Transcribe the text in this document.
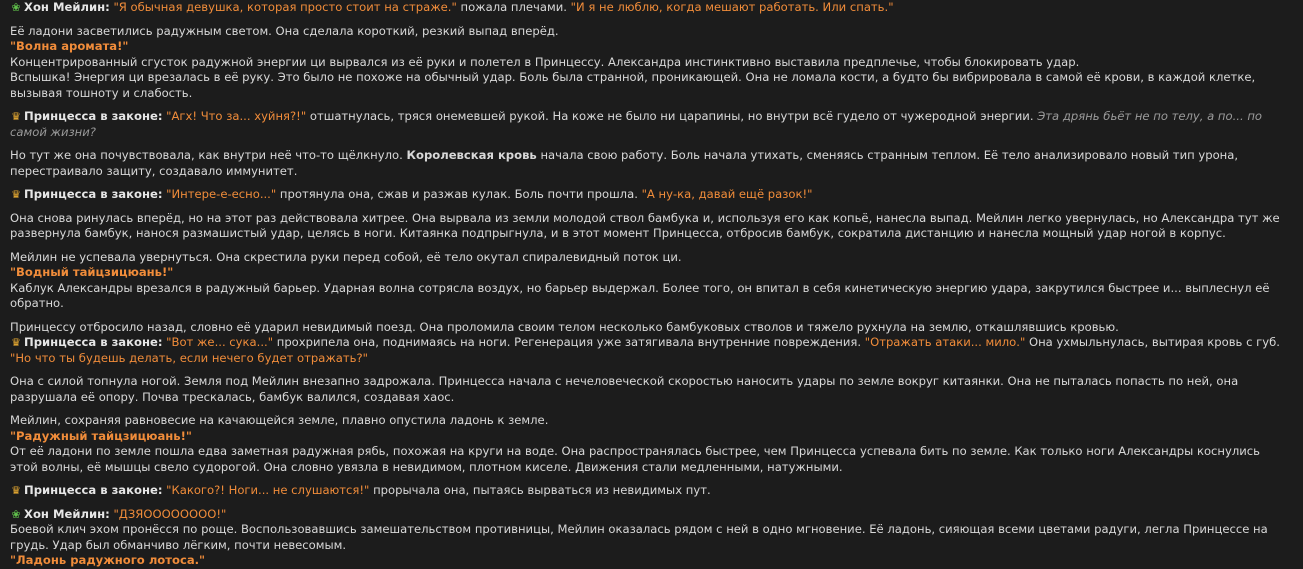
❀ Хон Мейлин: "Я обычная девушка, которая просто стоит на страже." пожала плечами. "И я не люблю, когда мешают работать. Или спать."
Её ладони засветились радужным светом. Она сделала короткий, резкий выпад вперёд.
"Волна аромата!"
Концентрированный сгусток радужной энергии ци вырвался из её руки и полетел в Принцессу. Александра инстинктивно выставила предплечье, чтобы блокировать удар.
Вспышка! Энергия ци врезалась в её руку. Это было не похоже на обычный удар. Боль была странной, проникающей. Она не ломала кости, а будто бы вибрировала в самой её крови, в каждой клетке, вызывая тошноту и слабость.
♛ Принцесса в законе: "Агх! Что за... хуйня?!" отшатнулась, тряся онемевшей рукой. На коже не было ни царапины, но внутри всё гудело от чужеродной энергии. Эта дрянь бьёт не по телу, а по... по самой жизни?
Но тут же она почувствовала, как внутри неё что-то щёлкнуло. Королевская кровь начала свою работу. Боль начала утихать, сменяясь странным теплом. Её тело анализировало новый тип урона, перестраивало защиту, создавало иммунитет.
♛ Принцесса в законе: "Интере-е-есно..." протянула она, сжав и разжав кулак. Боль почти прошла. "А ну-ка, давай ещё разок!"
Она снова ринулась вперёд, но на этот раз действовала хитрее. Она вырвала из земли молодой ствол бамбука и, используя его как копьё, нанесла выпад. Мейлин легко увернулась, но Александра тут же развернула бамбук, нанося размашистый удар, целясь в ноги. Китаянка подпрыгнула, и в этот момент Принцесса, отбросив бамбук, сократила дистанцию и нанесла мощный удар ногой в корпус.
Мейлин не успевала увернуться. Она скрестила руки перед собой, её тело окутал спиралевидный поток ци.
"Водный тайцзицюань!"
Каблук Александры врезался в радужный барьер. Ударная волна сотрясла воздух, но барьер выдержал. Более того, он впитал в себя кинетическую энергию удара, закрутился быстрее и... выплеснул её обратно.
Принцессу отбросило назад, словно её ударил невидимый поезд. Она проломила своим телом несколько бамбуковых стволов и тяжело рухнула на землю, откашлявшись кровью.
♛ Принцесса в законе: "Вот же... сука..." прохрипела она, поднимаясь на ноги. Регенерация уже затягивала внутренние повреждения. "Отражать атаки... мило." Она ухмыльнулась, вытирая кровь с губ. "Но что ты будешь делать, если нечего будет отражать?"
Она с силой топнула ногой. Земля под Мейлин внезапно задрожала. Принцесса начала с нечеловеческой скоростью наносить удары по земле вокруг китаянки. Она не пыталась попасть по ней, она разрушала её опору. Почва трескалась, бамбук валился, создавая хаос.
Мейлин, сохраняя равновесие на качающейся земле, плавно опустила ладонь к земле.
"Радужный тайцзицюань!"
От её ладони по земле пошла едва заметная радужная рябь, похожая на круги на воде. Она распространялась быстрее, чем Принцесса успевала бить по земле. Как только ноги Александры коснулись этой волны, её мышцы свело судорогой. Она словно увязла в невидимом, плотном киселе. Движения стали медленными, натужными.
♛ Принцесса в законе: "Какого?! Ноги... не слушаются!" прорычала она, пытаясь вырваться из невидимых пут.
❀ Хон Мейлин: "ДЗЯОООООООО!"
Боевой клич эхом пронёсся по роще. Воспользовавшись замешательством противницы, Мейлин оказалась рядом с ней в одно мгновение. Её ладонь, сияющая всеми цветами радуги, легла Принцессе на грудь. Удар был обманчиво лёгким, почти невесомым.
"Ладонь радужного лотоса."
